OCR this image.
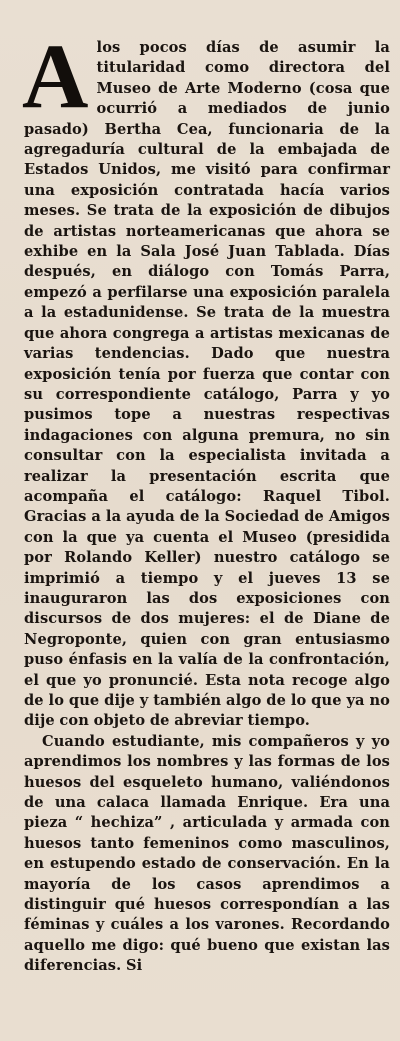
A los pocos días de asumir la titularidad como directora del Museo de Arte Moderno (cosa que ocurrió a mediados de junio pasado) Bertha Cea, funcionaria de la agregaduría cultural de la embajada de Estados Unidos, me visitó para confirmar una exposición contratada hacía varios meses. Se trata de la exposición de dibujos de artistas norteamericanas que ahora se exhibe en la Sala José Juan Tablada. Días después, en diálogo con Tomás Parra, empezó a perfilarse una exposición paralela a la estadunidense. Se trata de la muestra que ahora congrega a artistas mexicanas de varias tendencias. Dado que nuestra exposición tenía por fuerza que contar con su correspondiente catálogo, Parra y yo pusimos tope a nuestras respectivas indagaciones con alguna premura, no sin consultar con la especialista invitada a realizar la presentación escrita que acompaña el catálogo: Raquel Tibol. Gracias a la ayuda de la Sociedad de Amigos con la que ya cuenta el Museo (presidida por Rolando Keller) nuestro catálogo se imprimió a tiempo y el jueves 13 se inauguraron las dos exposiciones con discursos de dos mujeres: el de Diane de Negroponte, quien con gran entusiasmo puso énfasis en la valía de la confrontación, el que yo pronuncié. Esta nota recoge algo de lo que dije y también algo de lo que ya no dije con objeto de abreviar tiempo.

Cuando estudiante, mis compañeros y yo aprendimos los nombres y las formas de los huesos del esqueleto humano, valiéndonos de una calaca llamada Enrique. Era una pieza “ hechiza” , articulada y armada con huesos tanto femeninos como masculinos, en estupendo estado de conservación. En la mayoría de los casos aprendimos a distinguir qué huesos correspondían a las féminas y cuáles a los varones. Recordando aquello me digo: qué bueno que existan las diferencias. Si
